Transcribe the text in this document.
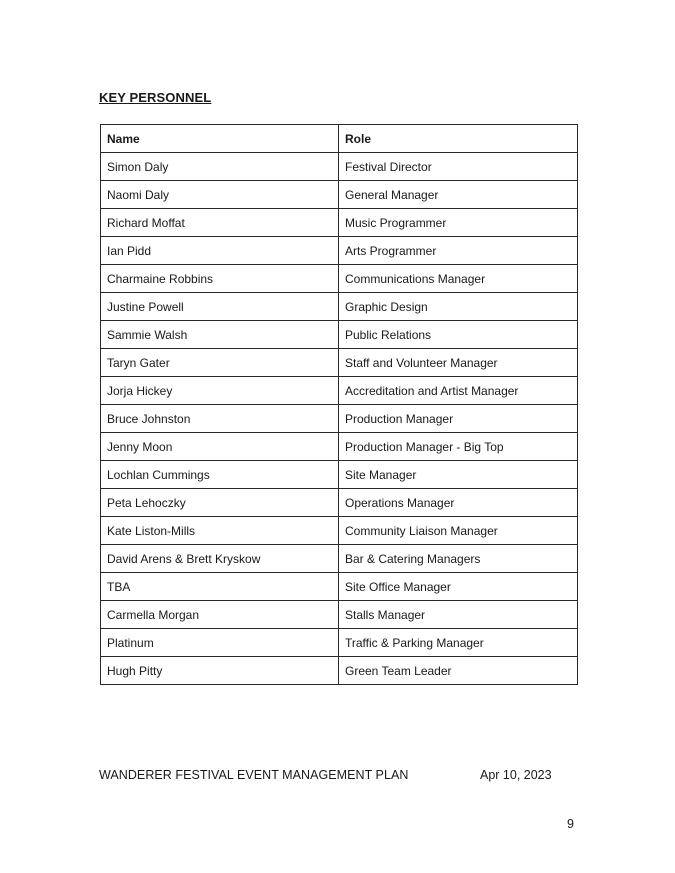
KEY PERSONNEL
Name	Role
Simon Daly	Festival Director
Naomi Daly	General Manager
Richard Moffat	Music Programmer
Ian Pidd	Arts Programmer
Charmaine Robbins	Communications Manager
Justine Powell	Graphic Design
Sammie Walsh	Public Relations
Taryn Gater	Staff and Volunteer Manager
Jorja Hickey	Accreditation and Artist Manager
Bruce Johnston	Production Manager
Jenny Moon	Production Manager - Big Top
Lochlan Cummings	Site Manager
Peta Lehoczky	Operations Manager
Kate Liston-Mills	Community Liaison Manager
David Arens & Brett Kryskow	Bar & Catering Managers
TBA	Site Office Manager
Carmella Morgan	Stalls Manager
Platinum	Traffic & Parking Manager
Hugh Pitty	Green Team Leader
WANDERER FESTIVAL EVENT MANAGEMENT PLAN	Apr 10, 2023
9
